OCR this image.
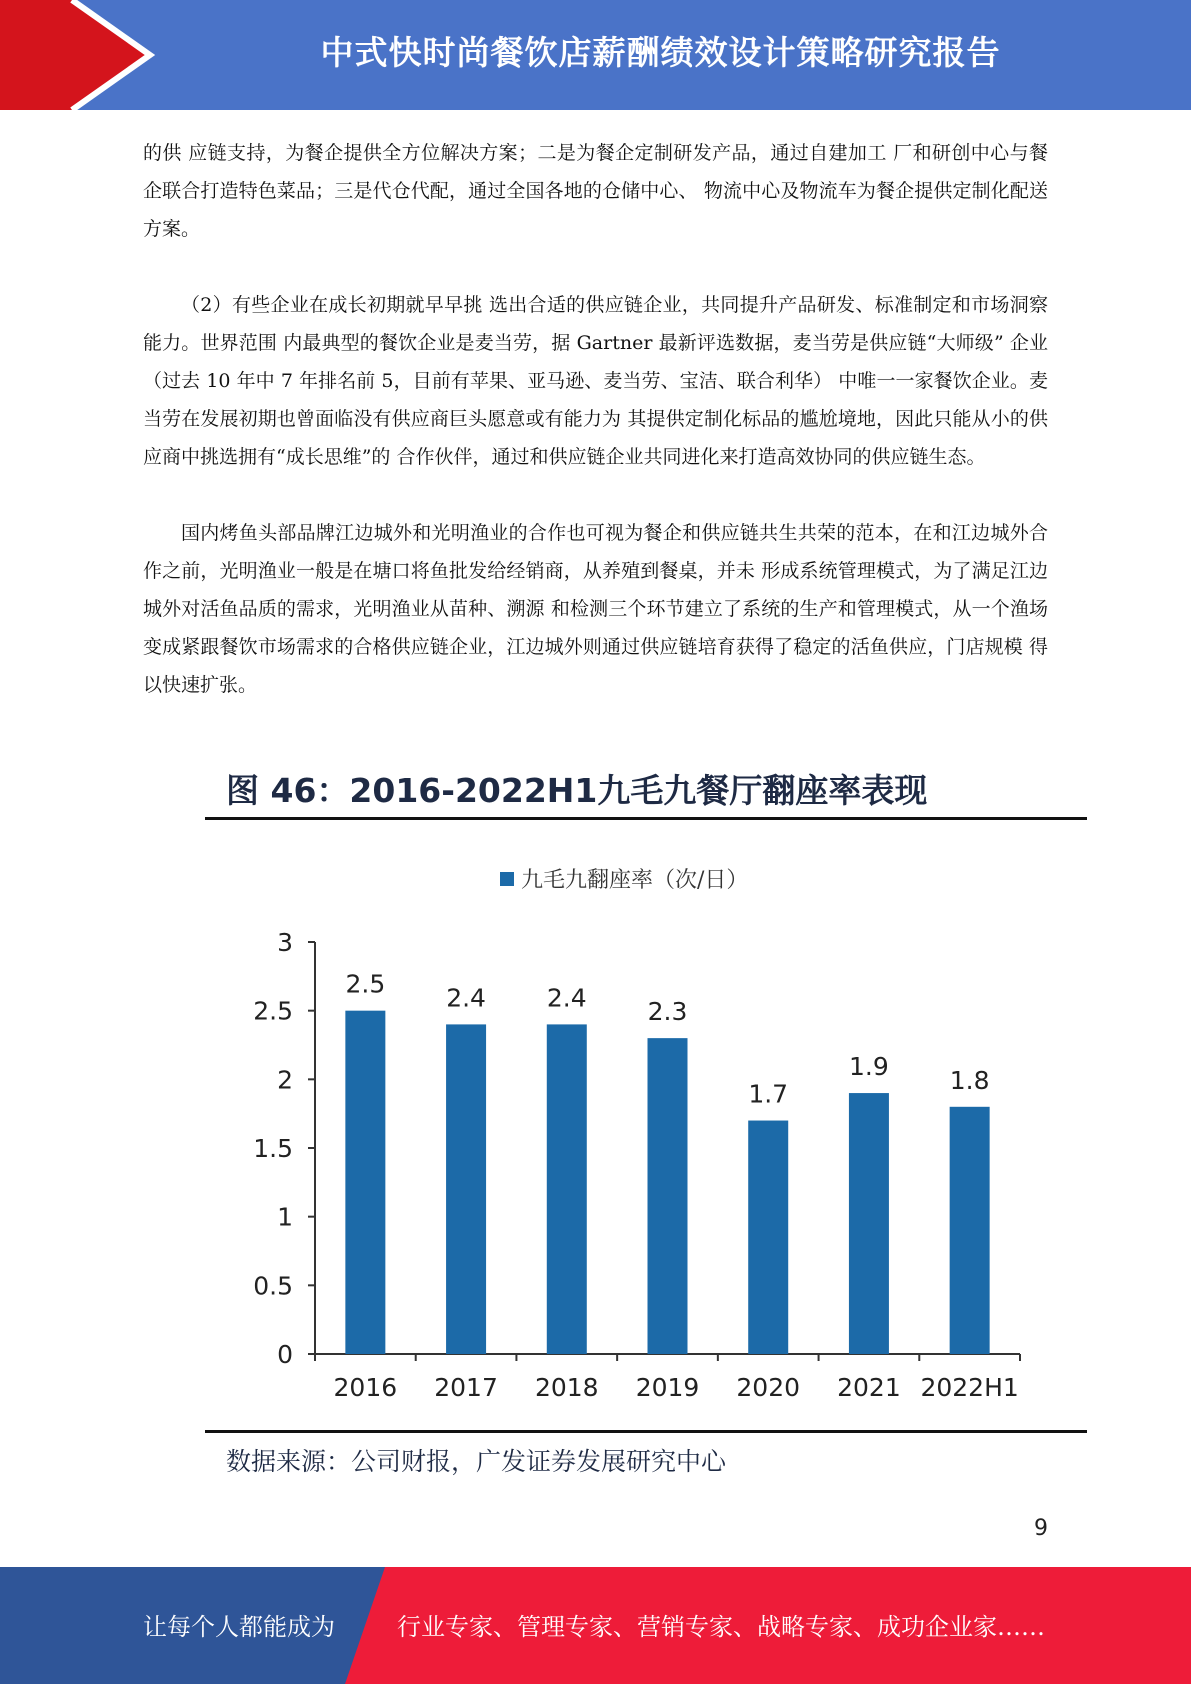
中式快时尚餐饮店薪酬绩效设计策略研究报告

的供 应链支持，为餐企提供全方位解决方案；二是为餐企定制研发产品，通过自建加工 厂和研创中心与餐企联合打造特色菜品；三是代仓代配，通过全国各地的仓储中心、 物流中心及物流车为餐企提供定制化配送方案。

（2）有些企业在成长初期就早早挑 选出合适的供应链企业，共同提升产品研发、标准制定和市场洞察能力。世界范围 内最典型的餐饮企业是麦当劳，据 Gartner 最新评选数据，麦当劳是供应链“大师级” 企业（过去 10 年中 7 年排名前 5，目前有苹果、亚马逊、麦当劳、宝洁、联合利华） 中唯一一家餐饮企业。麦当劳在发展初期也曾面临没有供应商巨头愿意或有能力为 其提供定制化标品的尴尬境地，因此只能从小的供应商中挑选拥有“成长思维”的 合作伙伴，通过和供应链企业共同进化来打造高效协同的供应链生态。

国内烤鱼头部品牌江边城外和光明渔业的合作也可视为餐企和供应链共生共荣的范本，在和江边城外合作之前，光明渔业一般是在塘口将鱼批发给经销商，从养殖到餐桌，并未 形成系统管理模式，为了满足江边城外对活鱼品质的需求，光明渔业从苗种、溯源 和检测三个环节建立了系统的生产和管理模式，从一个渔场变成紧跟餐饮市场需求的合格供应链企业，江边城外则通过供应链培育获得了稳定的活鱼供应，门店规模 得以快速扩张。

图 46：2016-2022H1九毛九餐厅翻座率表现
九毛九翻座率（次/日）
0
0.5
1
1.5
2
2.5
3
2016 2017 2018 2019 2020 2021 2022H1
2.5 2.4 2.4 2.3
1.7
1.9 1.8
数据来源：公司财报，广发证券发展研究中心
9
让每个人都能成为	行业专家、管理专家、营销专家、战略专家、成功企业家……
